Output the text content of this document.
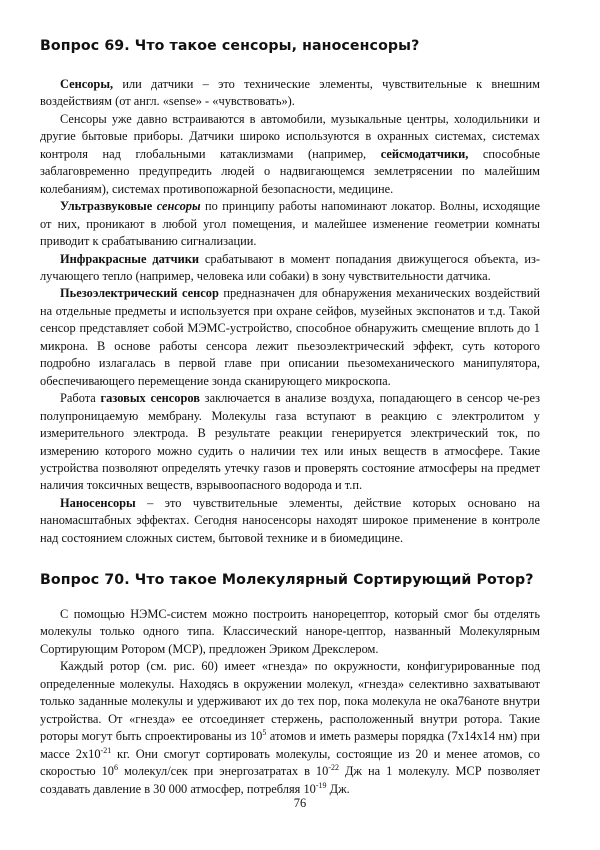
Вопрос 69. Что такое сенсоры, наносенсоры?

Сенсоры, или датчики – это технические элементы, чувствительные к внешним воздействиям (от англ. «sense» - «чувствовать»).

Сенсоры уже давно встраиваются в автомобили, музыкальные центры, холодильники и другие бытовые приборы. Датчики широко используются в охранных системах, системах контроля над глобальными катаклизмами (например, сейсмодатчики, способные заблаговременно предупредить людей о надвигающемся землетрясении по малейшим колебаниям), системах противопожарной безопасности, медицине.

Ультразвуковые сенсоры по принципу работы напоминают локатор. Волны, исходящие от них, проникают в любой угол помещения, и малейшее изменение геометрии комнаты приводит к срабатыванию сигнализации.

Инфракрасные датчики срабатывают в момент попадания движущегося объекта, из-лучающего тепло (например, человека или собаки) в зону чувствительности датчика.

Пьезоэлектрический сенсор предназначен для обнаружения механических воздействий на отдельные предметы и используется при охране сейфов, музейных экспонатов и т.д. Такой сенсор представляет собой МЭМС-устройство, способное обнаружить смещение вплоть до 1 микрона. В основе работы сенсора лежит пьезоэлектрический эффект, суть которого подробно излагалась в первой главе при описании пьезомеханического манипулятора, обеспечивающего перемещение зонда сканирующего микроскопа.

Работа газовых сенсоров заключается в анализе воздуха, попадающего в сенсор че-рез полупроницаемую мембрану. Молекулы газа вступают в реакцию с электролитом у измерительного электрода. В результате реакции генерируется электрический ток, по измерению которого можно судить о наличии тех или иных веществ в атмосфере. Такие устройства позволяют определять утечку газов и проверять состояние атмосферы на предмет наличия токсичных веществ, взрывоопасного водорода и т.п.

Наносенсоры – это чувствительные элементы, действие которых основано на наномасштабных эффектах. Сегодня наносенсоры находят широкое применение в контроле над состоянием сложных систем, бытовой технике и в биомедицине.

Вопрос 70. Что такое Молекулярный Сортирующий Ротор?

С помощью НЭМС-систем можно построить нанорецептор, который смог бы отделять молекулы только одного типа. Классический наноре-цептор, названный Молекулярным Сортирующим Ротором (МСР), предложен Эриком Дрекслером.

Каждый ротор (см. рис. 60) имеет «гнезда» по окружности, конфигурированные под определенные молекулы. Находясь в окружении молекул, «гнезда» селективно захватывают только заданные молекулы и удерживают их до тех пор, пока молекула не ока76аноте внутри устройства. От «гнезда» ее отсоединяет стержень, расположенный внутри ротора. Такие роторы могут быть спроектированы из $10^5$ атомов и иметь размеры порядка (7х14х14 нм) при массе $2х10^{-21}$ кг. Они смогут сортировать молекулы, состоящие из 20 и менее атомов, со скоростью $10^6$ молекул/сек при энергозатратах в $10^{-22}$ Дж на 1 молекулу. МСР позволяет создавать давление в 30 000 атмосфер, потребляя $10^{-19}$ Дж.

76
